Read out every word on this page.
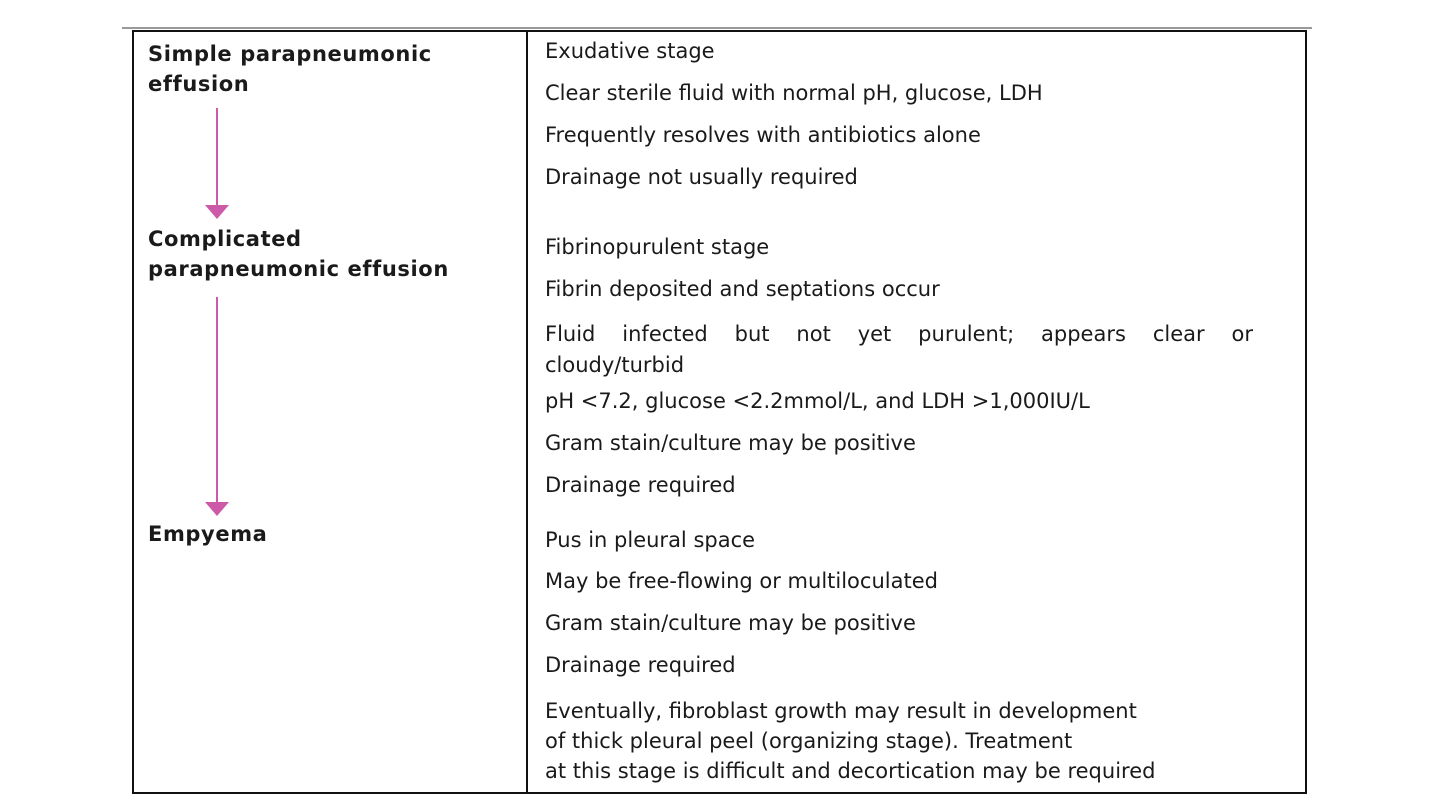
Simple parapneumonic
effusion
Complicated
parapneumonic effusion
Empyema

Exudative stage

Clear sterile fluid with normal pH, glucose, LDH

Frequently resolves with antibiotics alone

Drainage not usually required

Fibrinopurulent stage

Fibrin deposited and septations occur

Fluid infected but not yet purulent; appears clear or cloudy/turbid

pH <7.2, glucose <2.2mmol/L, and LDH >1,000IU/L

Gram stain/culture may be positive

Drainage required

Pus in pleural space

May be free-flowing or multiloculated

Gram stain/culture may be positive

Drainage required

Eventually, fibroblast growth may result in development
of thick pleural peel (organizing stage). Treatment
at this stage is difficult and decortication may be required
